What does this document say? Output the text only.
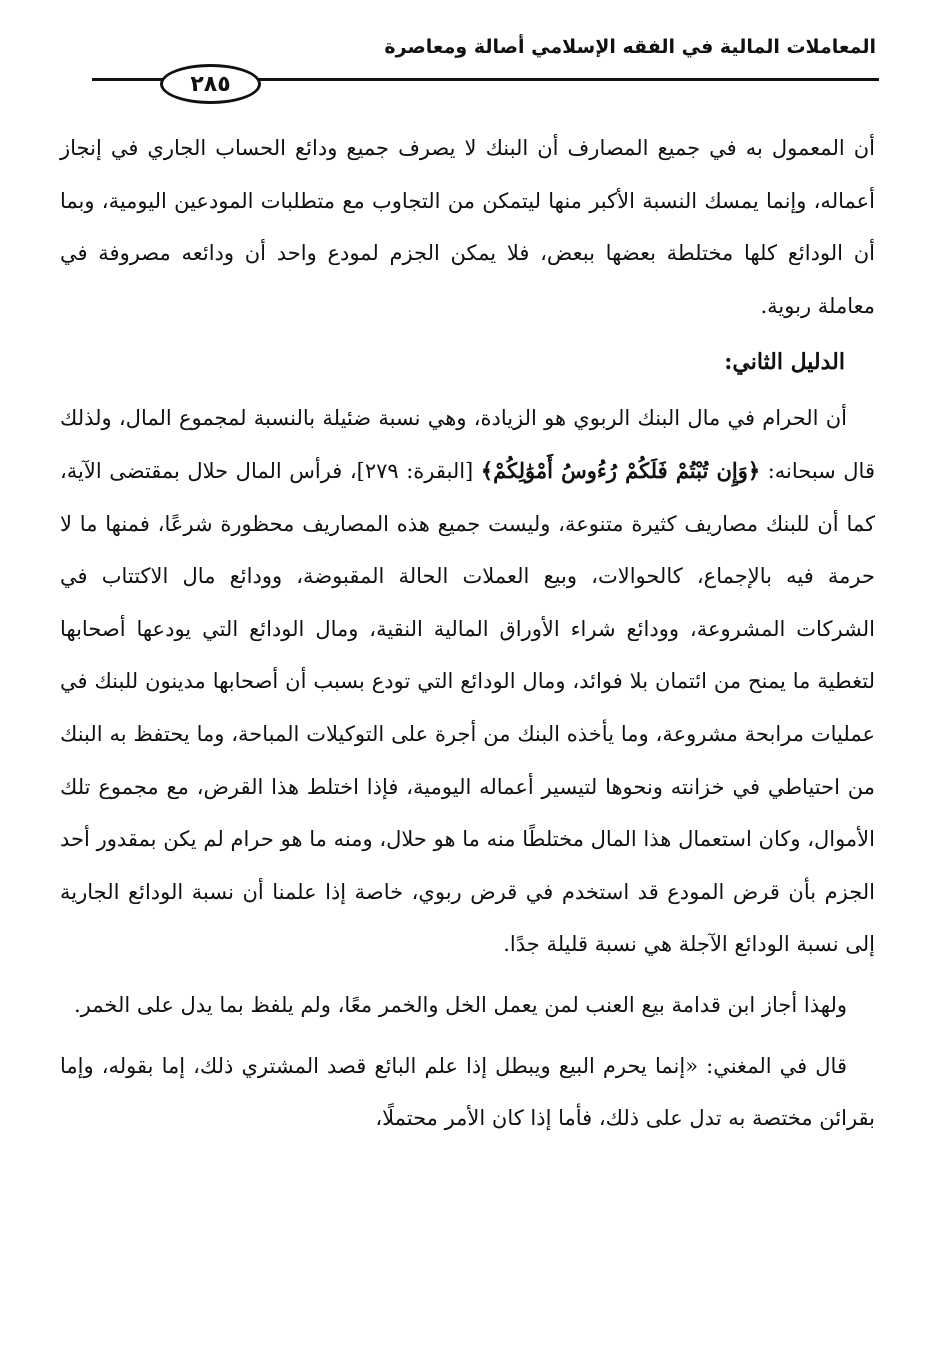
المعاملات المالية في الفقه الإسلامي أصالة ومعاصرة
٢٨٥

أن المعمول به في جميع المصارف أن البنك لا يصرف جميع ودائع الحساب الجاري في إنجاز أعماله، وإنما يمسك النسبة الأكبر منها ليتمكن من التجاوب مع متطلبات المودعين اليومية، وبما أن الودائع كلها مختلطة بعضها ببعض، فلا يمكن الجزم لمودع واحد أن ودائعه مصروفة في معاملة ربوية.

الدليل الثاني:

أن الحرام في مال البنك الربوي هو الزيادة، وهي نسبة ضئيلة بالنسبة لمجموع المال، ولذلك قال سبحانه: ﴿وَإِن تُبْتُمْ فَلَكُمْ رُءُوسُ أَمْوَٰلِكُمْ﴾ [البقرة: ٢٧٩]، فرأس المال حلال بمقتضى الآية، كما أن للبنك مصاريف كثيرة متنوعة، وليست جميع هذه المصاريف محظورة شرعًا، فمنها ما لا حرمة فيه بالإجماع، كالحوالات، وبيع العملات الحالة المقبوضة، وودائع مال الاكتتاب في الشركات المشروعة، وودائع شراء الأوراق المالية النقية، ومال الودائع التي يودعها أصحابها لتغطية ما يمنح من ائتمان بلا فوائد، ومال الودائع التي تودع بسبب أن أصحابها مدينون للبنك في عمليات مرابحة مشروعة، وما يأخذه البنك من أجرة على التوكيلات المباحة، وما يحتفظ به البنك من احتياطي في خزانته ونحوها لتيسير أعماله اليومية، فإذا اختلط هذا القرض، مع مجموع تلك الأموال، وكان استعمال هذا المال مختلطًا منه ما هو حلال، ومنه ما هو حرام لم يكن بمقدور أحد الجزم بأن قرض المودع قد استخدم في قرض ربوي، خاصة إذا علمنا أن نسبة الودائع الجارية إلى نسبة الودائع الآجلة هي نسبة قليلة جدًا.

ولهذا أجاز ابن قدامة بيع العنب لمن يعمل الخل والخمر معًا، ولم يلفظ بما يدل على الخمر.

قال في المغني: «إنما يحرم البيع ويبطل إذا علم البائع قصد المشتري ذلك، إما بقوله، وإما بقرائن مختصة به تدل على ذلك، فأما إذا كان الأمر محتملًا،
